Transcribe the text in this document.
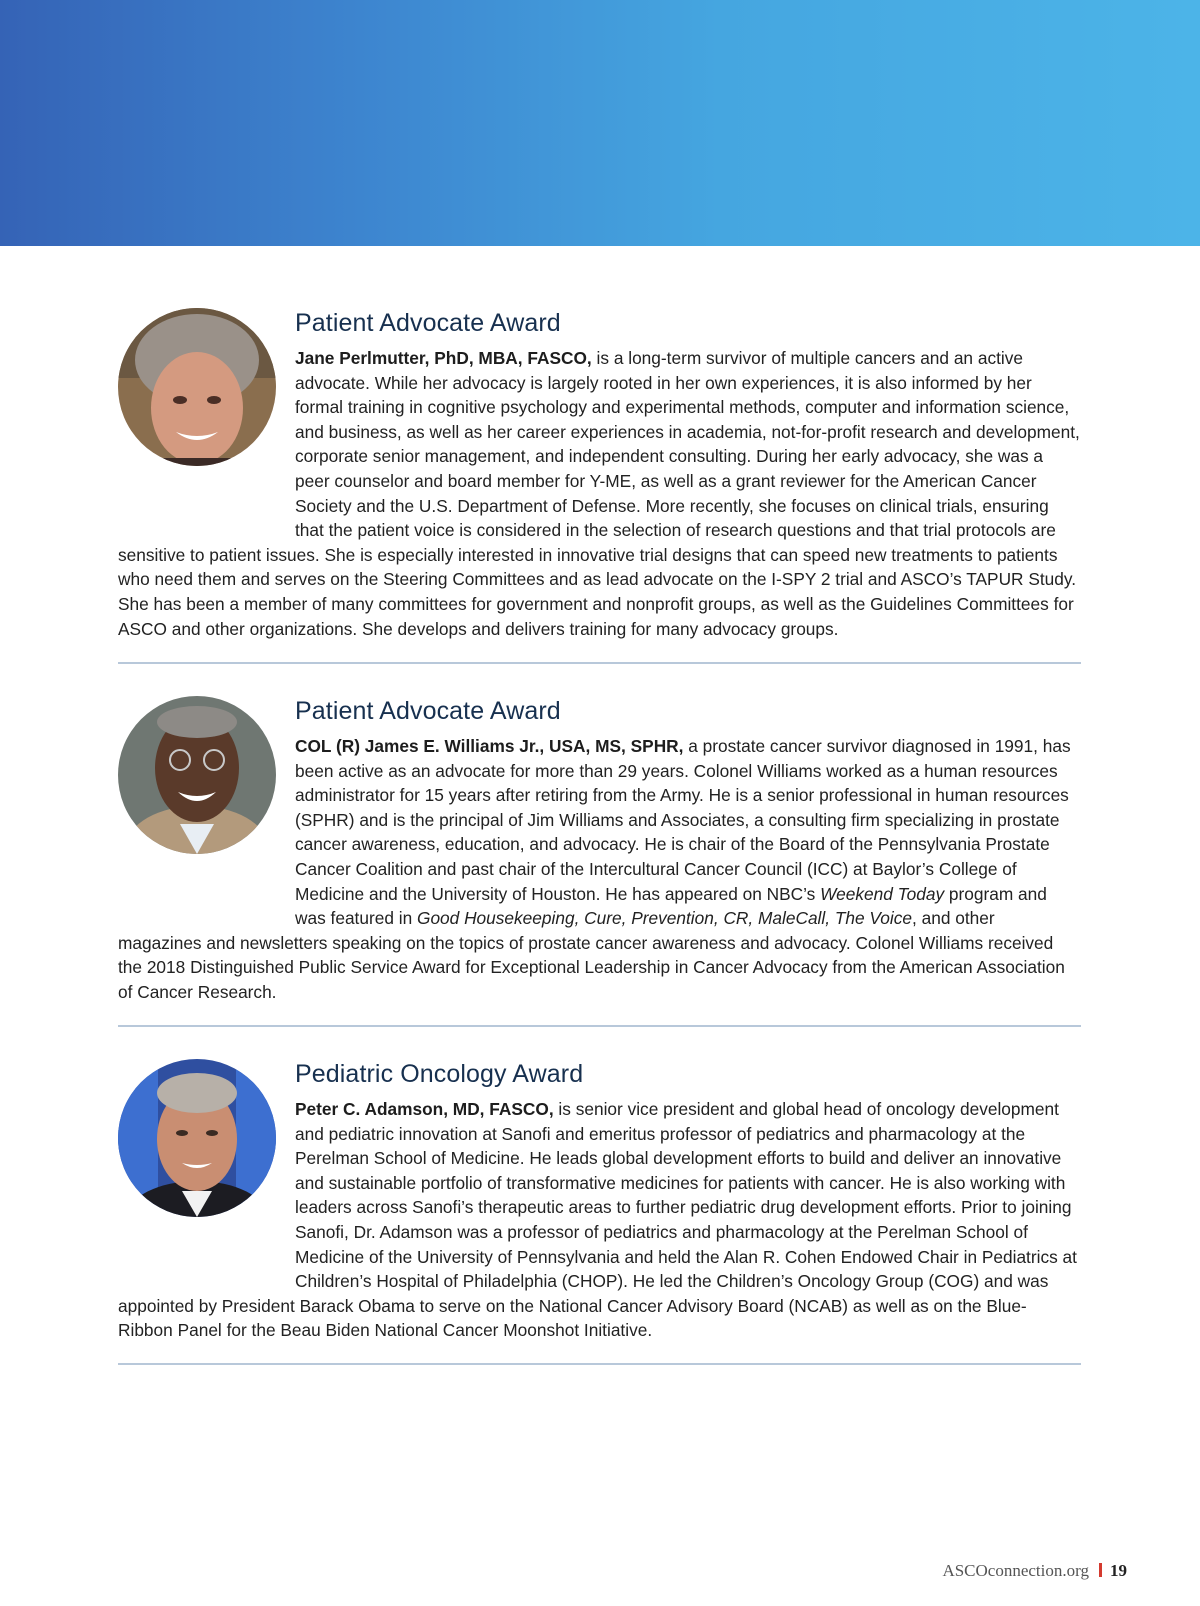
Patient Advocate Award
Jane Perlmutter, PhD, MBA, FASCO, is a long-term survivor of multiple cancers and an active advocate. While her advocacy is largely rooted in her own experiences, it is also informed by her formal training in cognitive psychology and experimental methods, computer and information science, and business, as well as her career experiences in academia, not-for-profit research and development, corporate senior management, and independent consulting. During her early advocacy, she was a peer counselor and board member for Y-ME, as well as a grant reviewer for the American Cancer Society and the U.S. Department of Defense. More recently, she focuses on clinical trials, ensuring that the patient voice is considered in the selection of research questions and that trial protocols are sensitive to patient issues. She is especially interested in innovative trial designs that can speed new treatments to patients who need them and serves on the Steering Committees and as lead advocate on the I-SPY 2 trial and ASCO’s TAPUR Study. She has been a member of many committees for government and nonprofit groups, as well as the Guidelines Committees for ASCO and other organizations. She develops and delivers training for many advocacy groups.
Patient Advocate Award
COL (R) James E. Williams Jr., USA, MS, SPHR, a prostate cancer survivor diagnosed in 1991, has been active as an advocate for more than 29 years. Colonel Williams worked as a human resources administrator for 15 years after retiring from the Army. He is a senior professional in human resources (SPHR) and is the principal of Jim Williams and Associates, a consulting firm specializing in prostate cancer awareness, education, and advocacy. He is chair of the Board of the Pennsylvania Prostate Cancer Coalition and past chair of the Intercultural Cancer Council (ICC) at Baylor’s College of Medicine and the University of Houston. He has appeared on NBC’s Weekend Today program and was featured in Good Housekeeping, Cure, Prevention, CR, MaleCall, The Voice, and other magazines and newsletters speaking on the topics of prostate cancer awareness and advocacy. Colonel Williams received the 2018 Distinguished Public Service Award for Exceptional Leadership in Cancer Advocacy from the American Association of Cancer Research.
Pediatric Oncology Award
Peter C. Adamson, MD, FASCO, is senior vice president and global head of oncology development and pediatric innovation at Sanofi and emeritus professor of pediatrics and pharmacology at the Perelman School of Medicine. He leads global development efforts to build and deliver an innovative and sustainable portfolio of transformative medicines for patients with cancer. He is also working with leaders across Sanofi’s therapeutic areas to further pediatric drug development efforts. Prior to joining Sanofi, Dr. Adamson was a professor of pediatrics and pharmacology at the Perelman School of Medicine of the University of Pennsylvania and held the Alan R. Cohen Endowed Chair in Pediatrics at Children’s Hospital of Philadelphia (CHOP). He led the Children’s Oncology Group (COG) and was appointed by President Barack Obama to serve on the National Cancer Advisory Board (NCAB) as well as on the Blue-Ribbon Panel for the Beau Biden National Cancer Moonshot Initiative.
ASCOconnection.org 19
